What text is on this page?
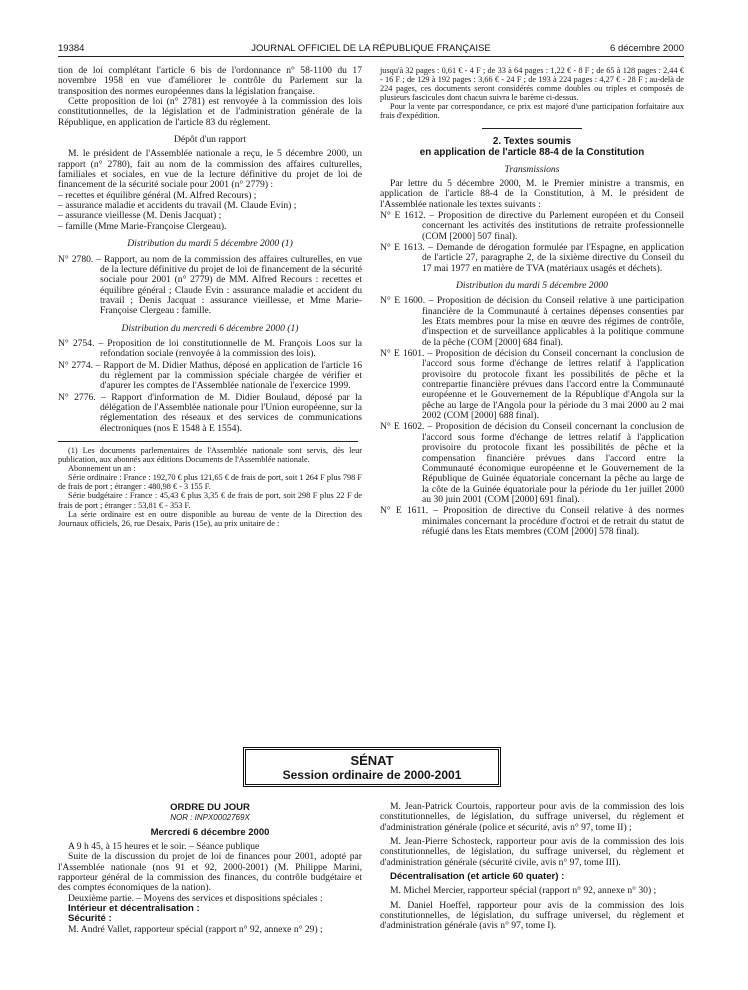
19384	JOURNAL OFFICIEL DE LA RÉPUBLIQUE FRANÇAISE	6 décembre 2000

tion de loi complétant l'article 6 bis de l'ordonnance n° 58-1100 du 17 novembre 1958 en vue d'améliorer le contrôle du Parlement sur la transposition des normes européennes dans la législation française.

Cette proposition de loi (n° 2781) est renvoyée à la commission des lois constitutionnelles, de la législation et de l'administration générale de la République, en application de l'article 83 du règlement.

Dépôt d'un rapport

M. le président de l'Assemblée nationale a reçu, le 5 décembre 2000, un rapport (n° 2780), fait au nom de la commission des affaires culturelles, familiales et sociales, en vue de la lecture définitive du projet de loi de financement de la sécurité sociale pour 2001 (n° 2779) :

– recettes et équilibre général (M. Alfred Recours) ;

– assurance maladie et accidents du travail (M. Claude Evin) ;

– assurance vieillesse (M. Denis Jacquat) ;

– famille (Mme Marie-Françoise Clergeau).

Distribution du mardi 5 décembre 2000 (1)

N° 2780. – Rapport, au nom de la commission des affaires culturelles, en vue de la lecture définitive du projet de loi de financement de la sécurité sociale pour 2001 (n° 2779) de MM. Alfred Recours : recettes et équilibre général ; Claude Evin : assurance maladie et accident du travail ; Denis Jacquat : assurance vieillesse, et Mme Marie-Françoise Clergeau : famille.

Distribution du mercredi 6 décembre 2000 (1)

N° 2754. – Proposition de loi constitutionnelle de M. François Loos sur la refondation sociale (renvoyée à la commission des lois).

N° 2774. – Rapport de M. Didier Mathus, déposé en application de l'article 16 du règlement par la commission spéciale chargée de vérifier et d'apurer les comptes de l'Assemblée nationale de l'exercice 1999.

N° 2776. – Rapport d'information de M. Didier Boulaud, déposé par la délégation de l'Assemblée nationale pour l'Union européenne, sur la réglementation des réseaux et des services de communications électroniques (nos E 1548 à E 1554).

(1) Les documents parlementaires de l'Assemblée nationale sont servis, dès leur publication, aux abonnés aux éditions Documents de l'Assemblée nationale.

Abonnement un an :

Série ordinaire : France : 192,70 € plus 121,65 € de frais de port, soit 1 264 F plus 798 F de frais de port ; étranger : 480,98 € - 3 155 F.

Série budgétaire : France : 45,43 € plus 3,35 € de frais de port, soit 298 F plus 22 F de frais de port ; étranger : 53,81 € - 353 F.

La série ordinaire est en outre disponible au bureau de vente de la Direction des Journaux officiels, 26, rue Desaix, Paris (15e), au prix unitaire de :

jusqu'à 32 pages : 0,61 € - 4 F ; de 33 à 64 pages : 1,22 € - 8 F ; de 65 à 128 pages : 2,44 € - 16 F ; de 129 à 192 pages : 3,66 € - 24 F ; de 193 à 224 pages : 4,27 € - 28 F ; au-delà de 224 pages, ces documents seront considérés comme doubles ou triples et composés de plusieurs fascicules dont chacun suivra le barème ci-dessus.

Pour la vente par correspondance, ce prix est majoré d'une participation forfaitaire aux frais d'expédition.

2. Textes soumis

en application de l'article 88-4 de la Constitution

Transmissions

Par lettre du 5 décembre 2000, M. le Premier ministre a transmis, en application de l'article 88-4 de la Constitution, à M. le président de l'Assemblée nationale les textes suivants :

N° E 1612. – Proposition de directive du Parlement européen et du Conseil concernant les activités des institutions de retraite professionnelle (COM [2000] 507 final).

N° E 1613. – Demande de dérogation formulée par l'Espagne, en application de l'article 27, paragraphe 2, de la sixième directive du Conseil du 17 mai 1977 en matière de TVA (matériaux usagés et déchets).

Distribution du mardi 5 décembre 2000

N° E 1600. – Proposition de décision du Conseil relative à une participation financière de la Communauté à certaines dépenses consenties par les Etats membres pour la mise en œuvre des régimes de contrôle, d'inspection et de surveillance applicables à la politique commune de la pêche (COM [2000] 684 final).

N° E 1601. – Proposition de décision du Conseil concernant la conclusion de l'accord sous forme d'échange de lettres relatif à l'application provisoire du protocole fixant les possibilités de pêche et la contrepartie financière prévues dans l'accord entre la Communauté européenne et le Gouvernement de la République d'Angola sur la pêche au large de l'Angola pour la période du 3 mai 2000 au 2 mai 2002 (COM [2000] 688 final).

N° E 1602. – Proposition de décision du Conseil concernant la conclusion de l'accord sous forme d'échange de lettres relatif à l'application provisoire du protocole fixant les possibilités de pêche et la compensation financière prévues dans l'accord entre la Communauté économique européenne et le Gouvernement de la République de Guinée équatoriale concernant la pêche au large de la côte de la Guinée équatoriale pour la période du 1er juillet 2000 au 30 juin 2001 (COM [2000] 691 final).

N° E 1611. – Proposition de directive du Conseil relative à des normes minimales concernant la procédure d'octroi et de retrait du statut de réfugié dans les Etats membres (COM [2000] 578 final).

SÉNAT
Session ordinaire de 2000-2001

ORDRE DU JOUR

NOR : INPX0002769X

Mercredi 6 décembre 2000

A 9 h 45, à 15 heures et le soir. – Séance publique

Suite de la discussion du projet de loi de finances pour 2001, adopté par l'Assemblée nationale (nos 91 et 92, 2000-2001) (M. Philippe Marini, rapporteur général de la commission des finances, du contrôle budgétaire et des comptes économiques de la nation).

Deuxième partie. – Moyens des services et dispositions spéciales :

Intérieur et décentralisation :

Sécurité :

M. André Vallet, rapporteur spécial (rapport n° 92, annexe n° 29) ;

M. Jean-Patrick Courtois, rapporteur pour avis de la commission des lois constitutionnelles, de législation, du suffrage universel, du règlement et d'administration générale (police et sécurité, avis n° 97, tome II) ;

M. Jean-Pierre Schosteck, rapporteur pour avis de la commission des lois constitutionnelles, de législation, du suffrage universel, du règlement et d'administration générale (sécurité civile, avis n° 97, tome III).

Décentralisation (et article 60 quater) :

M. Michel Mercier, rapporteur spécial (rapport n° 92, annexe n° 30) ;

M. Daniel Hoeffel, rapporteur pour avis de la commission des lois constitutionnelles, de législation, du suffrage universel, du règlement et d'administration générale (avis n° 97, tome I).
